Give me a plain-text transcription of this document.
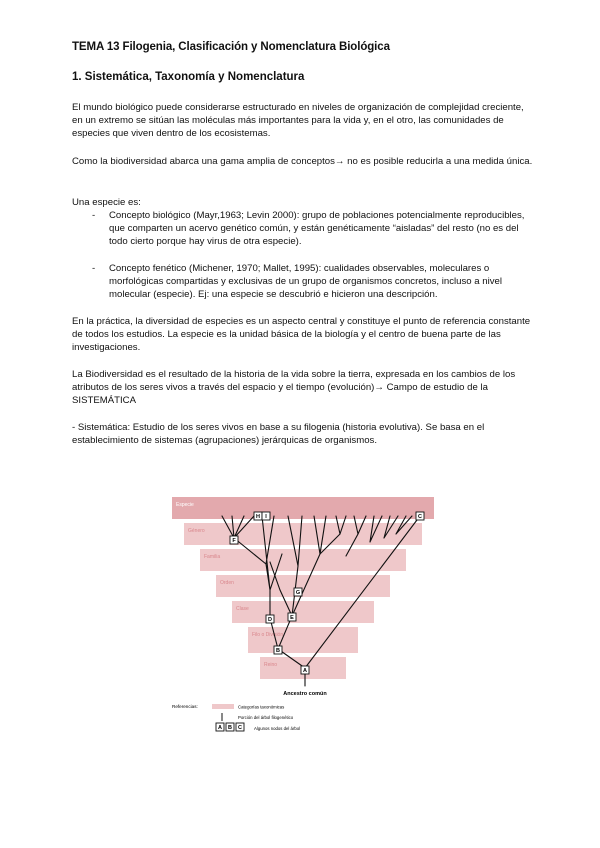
TEMA 13 Filogenia, Clasificación y Nomenclatura Biológica
1. Sistemática, Taxonomía y Nomenclatura

El mundo biológico puede considerarse estructurado en niveles de organización de complejidad creciente, en un extremo se sitúan las moléculas más importantes para la vida y, en el otro, las comunidades de especies que viven dentro de los ecosistemas.

Como la biodiversidad abarca una gama amplia de conceptos→ no es posible reducirla a una medida única.

Una especie es:

- Concepto biológico (Mayr,1963; Levin 2000): grupo de poblaciones potencialmente reproducibles, que comparten un acervo genético común, y están genéticamente “aisladas” del resto (no es del todo cierto porque hay virus de otra especie).
- Concepto fenético (Michener, 1970; Mallet, 1995): cualidades observables, moleculares o morfológicas compartidas y exclusivas de un grupo de organismos concretos, incluso a nivel molecular (especie). Ej: una especie se descubrió e hicieron una descripción.

En la práctica, la diversidad de especies es un aspecto central y constituye el punto de referencia constante de todos los estudios. La especie es la unidad básica de la biología y el centro de buena parte de las investigaciones.

La Biodiversidad es el resultado de la historia de la vida sobre la tierra, expresada en los cambios de los atributos de los seres vivos a través del espacio y el tiempo (evolución)→ Campo de estudio de la SISTEMÁTICA

- Sistemática: Estudio de los seres vivos en base a su filogenia (historia evolutiva). Se basa en el establecimiento de sistemas (agrupaciones) jerárquicas de organismos.

Especie
Género
Familia
Orden
Clase
Filo o División
Reino
A
B
C
D	E
F
G
H I
Ancestro común
Referencias:	Categorías taxonómicas
Porción del árbol filogenético
A B C	Algunos nodos del árbol
